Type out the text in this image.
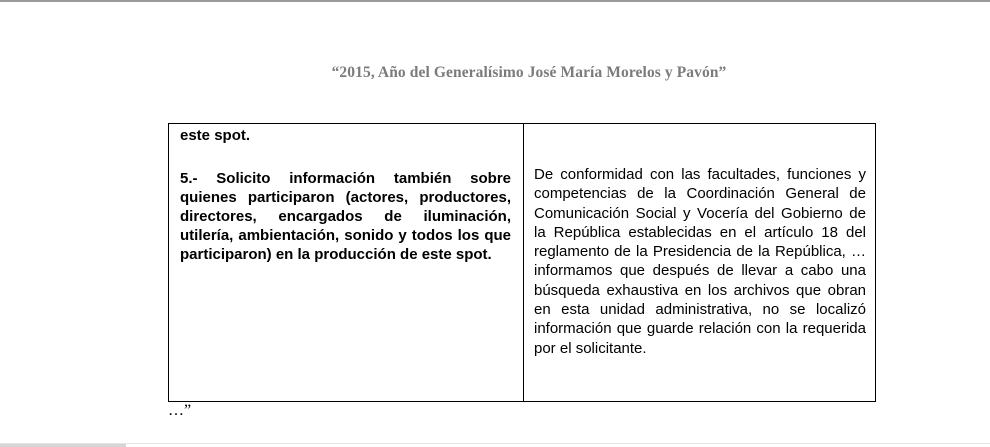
“2015, Año del Generalísimo José María Morelos y Pavón”

este spot.

5.- Solicito información también sobre quienes participaron (actores, productores, directores, encargados de iluminación, utilería, ambientación, sonido y todos los que participaron) en la producción de este spot.

De conformidad con las facultades, funciones y competencias de la Coordinación General de Comunicación Social y Vocería del Gobierno de la República establecidas en el artículo 18 del reglamento de la Presidencia de la República, … informamos que después de llevar a cabo una búsqueda exhaustiva en los archivos que obran en esta unidad administrativa, no se localizó información que guarde relación con la requerida por el solicitante.

…”
